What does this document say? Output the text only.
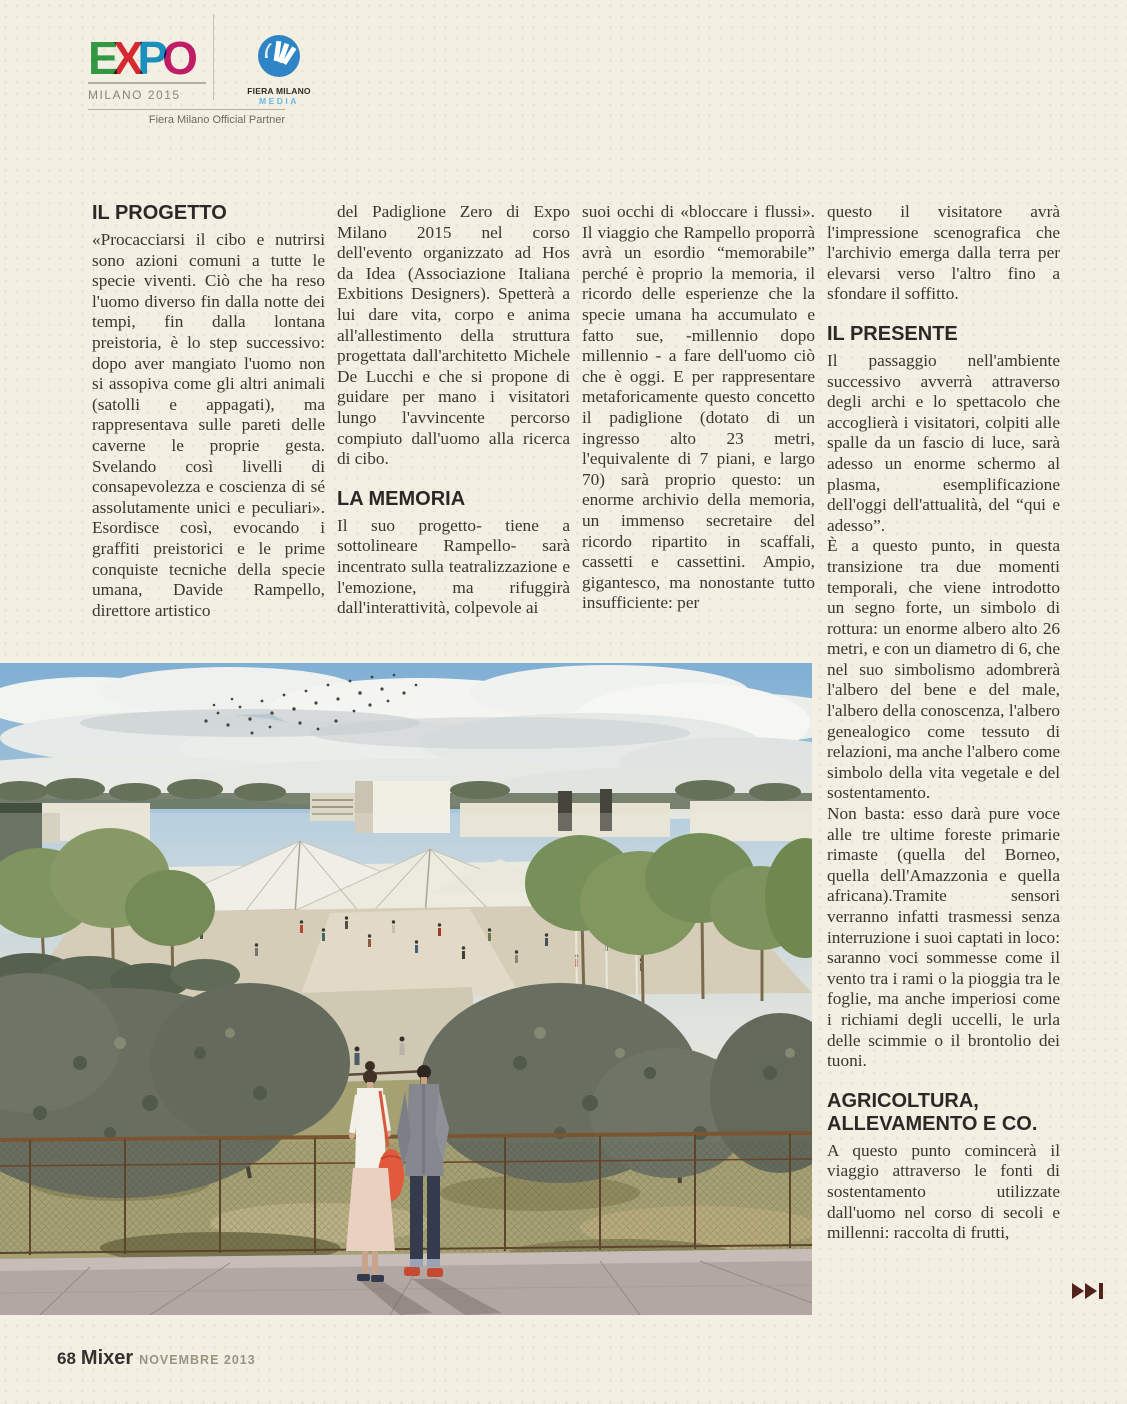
EXPO
MILANO 2015	FIERA MILANO
MEDIA
Fiera Milano Official Partner
IL PROGETTO

«Procacciarsi il cibo e nutrirsi sono azioni comuni a tutte le specie viventi. Ciò che ha reso l'uomo diverso fin dalla notte dei tempi, fin dalla lontana preistoria, è lo step successivo: dopo aver mangiato l'uomo non si assopiva come gli altri animali (satolli e appagati), ma rappresentava sulle pareti delle caverne le proprie gesta. Svelando così livelli di consapevolezza e coscienza di sé assolutamente unici e peculiari». Esordisce così, evocando i graffiti preistorici e le prime conquiste tecniche della specie umana, Davide Rampello, direttore artistico

del Padiglione Zero di Expo Milano 2015 nel corso dell'evento organizzato ad Hos da Idea (Associazione Italiana Exbitions Designers). Spetterà a lui dare vita, corpo e anima all'allestimento della struttura progettata dall'architetto Michele De Lucchi e che si propone di guidare per mano i visitatori lungo l'avvincente percorso compiuto dall'uomo alla ricerca di cibo.

LA MEMORIA

Il suo progetto- tiene a sottolineare Rampello- sarà incentrato sulla teatralizzazione e l'emozione, ma rifuggirà dall'interattività, colpevole ai

suoi occhi di «bloccare i flussi». Il viaggio che Rampello proporrà avrà un esordio “memorabile” perché è proprio la memoria, il ricordo delle esperienze che la specie umana ha accumulato e fatto sue, -millennio dopo millennio - a fare dell'uomo ciò che è oggi. E per rappresentare metaforicamente questo concetto il padiglione (dotato di un ingresso alto 23 metri, l'equivalente di 7 piani, e largo 70) sarà proprio questo: un enorme archivio della memoria, un immenso secretaire del ricordo ripartito in scaffali, cassetti e cassettini. Ampio, gigantesco, ma nonostante tutto insufficiente: per

questo il visitatore avrà l'impressione scenografica che l'archivio emerga dalla terra per elevarsi verso l'altro fino a sfondare il soffitto.

IL PRESENTE

Il passaggio nell'ambiente successivo avverrà attraverso degli archi e lo spettacolo che accoglierà i visitatori, colpiti alle spalle da un fascio di luce, sarà adesso un enorme schermo al plasma, esemplificazione dell'oggi dell'attualità, del “qui e adesso”.

È a questo punto, in questa transizione tra due momenti temporali, che viene introdotto un segno forte, un simbolo di rottura: un enorme albero alto 26 metri, e con un diametro di 6, che nel suo simbolismo adombrerà l'albero del bene e del male, l'albero della conoscenza, l'albero genealogico come tessuto di relazioni, ma anche l'albero come simbolo della vita vegetale e del sostentamento.

Non basta: esso darà pure voce alle tre ultime foreste primarie rimaste (quella del Borneo, quella dell'Amazzonia e quella africana).Tramite sensori verranno infatti trasmessi senza interruzione i suoi captati in loco: saranno voci sommesse come il vento tra i rami o la pioggia tra le foglie, ma anche imperiosi come i richiami degli uccelli, le urla delle scimmie o il brontolio dei tuoni.

AGRICOLTURA, ALLEVAMENTO E CO.

A questo punto comincerà il viaggio attraverso le fonti di sostentamento utilizzate dall'uomo nel corso di secoli e millenni: raccolta di frutti,

68 Mixer NOVEMBRE 2013
